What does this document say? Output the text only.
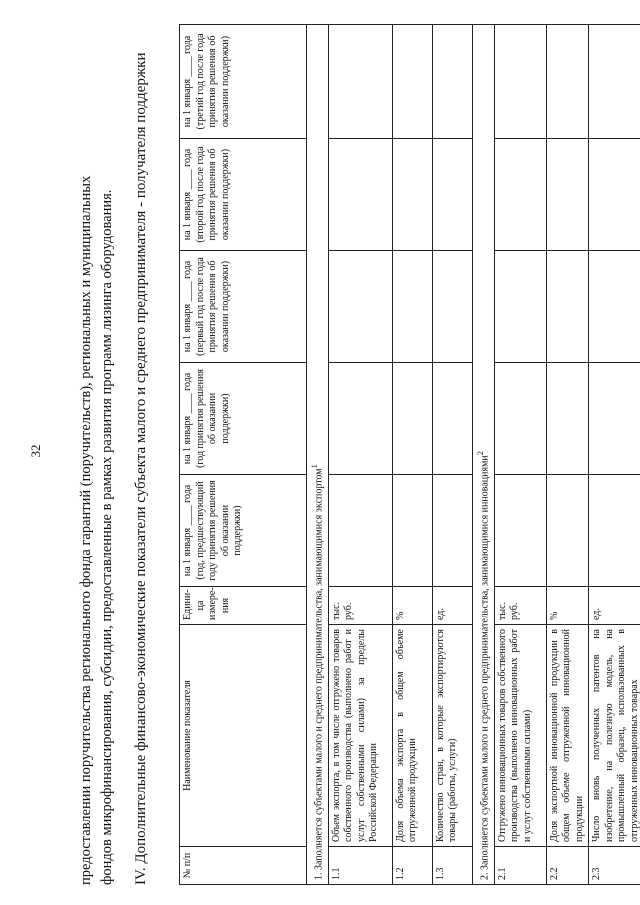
32 предоставлении поручительства регионального фонда гарантий (поручительств), региональных и муниципальных фондов микрофинансирования, субсидии, предоставленные в рамках развития программ лизинга оборудования. IV. Дополнительные финансово-экономические показатели субъекта малого и среднего предпринимателя - получателя поддержки	№ п/п	Наименование показателя	Едини-ца измере-ния	на 1 января ____ года (год, предшествующий году принятия решения об оказании поддержки)	на 1 января ____ года (год принятия решения об оказании поддержки)	на 1 января ____ года (первый год после года принятия решения об оказании поддержки)	на 1 января ____ года (второй год после года принятия решения об оказании поддержки)	на 1 января ____ года (третий год после года принятия решения об оказании поддержки)
1. Заполняется субъектами малого и среднего предпринимательства, занимающимися экспортом$^1$
1.1	Объем экспорта, в том числе отгружено товаров собственного производства (выполнено работ и услуг собственными силами) за пределы Российской Федерации	тыс. руб.					
1.2	Доля объема экспорта в общем объеме отгруженной продукции	%					
1.3	Количество стран, в которые экспортируются товары (работы, услуги)	ед.					
2. Заполняется субъектами малого и среднего предпринимательства, занимающимися инновациями$^2$
2.1	Отгружено инновационных товаров собственного производства (выполнено инновационных работ и услуг собственными силами)	тыс. руб.					
2.2	Доля экспортной инновационной продукции в общем объеме отгруженной инновационной продукции	%					
2.3	Число вновь полученных патентов на изобретение, на полезную модель, на промышленный образец, использованных в отгруженных инновационных товарах	ед.					
